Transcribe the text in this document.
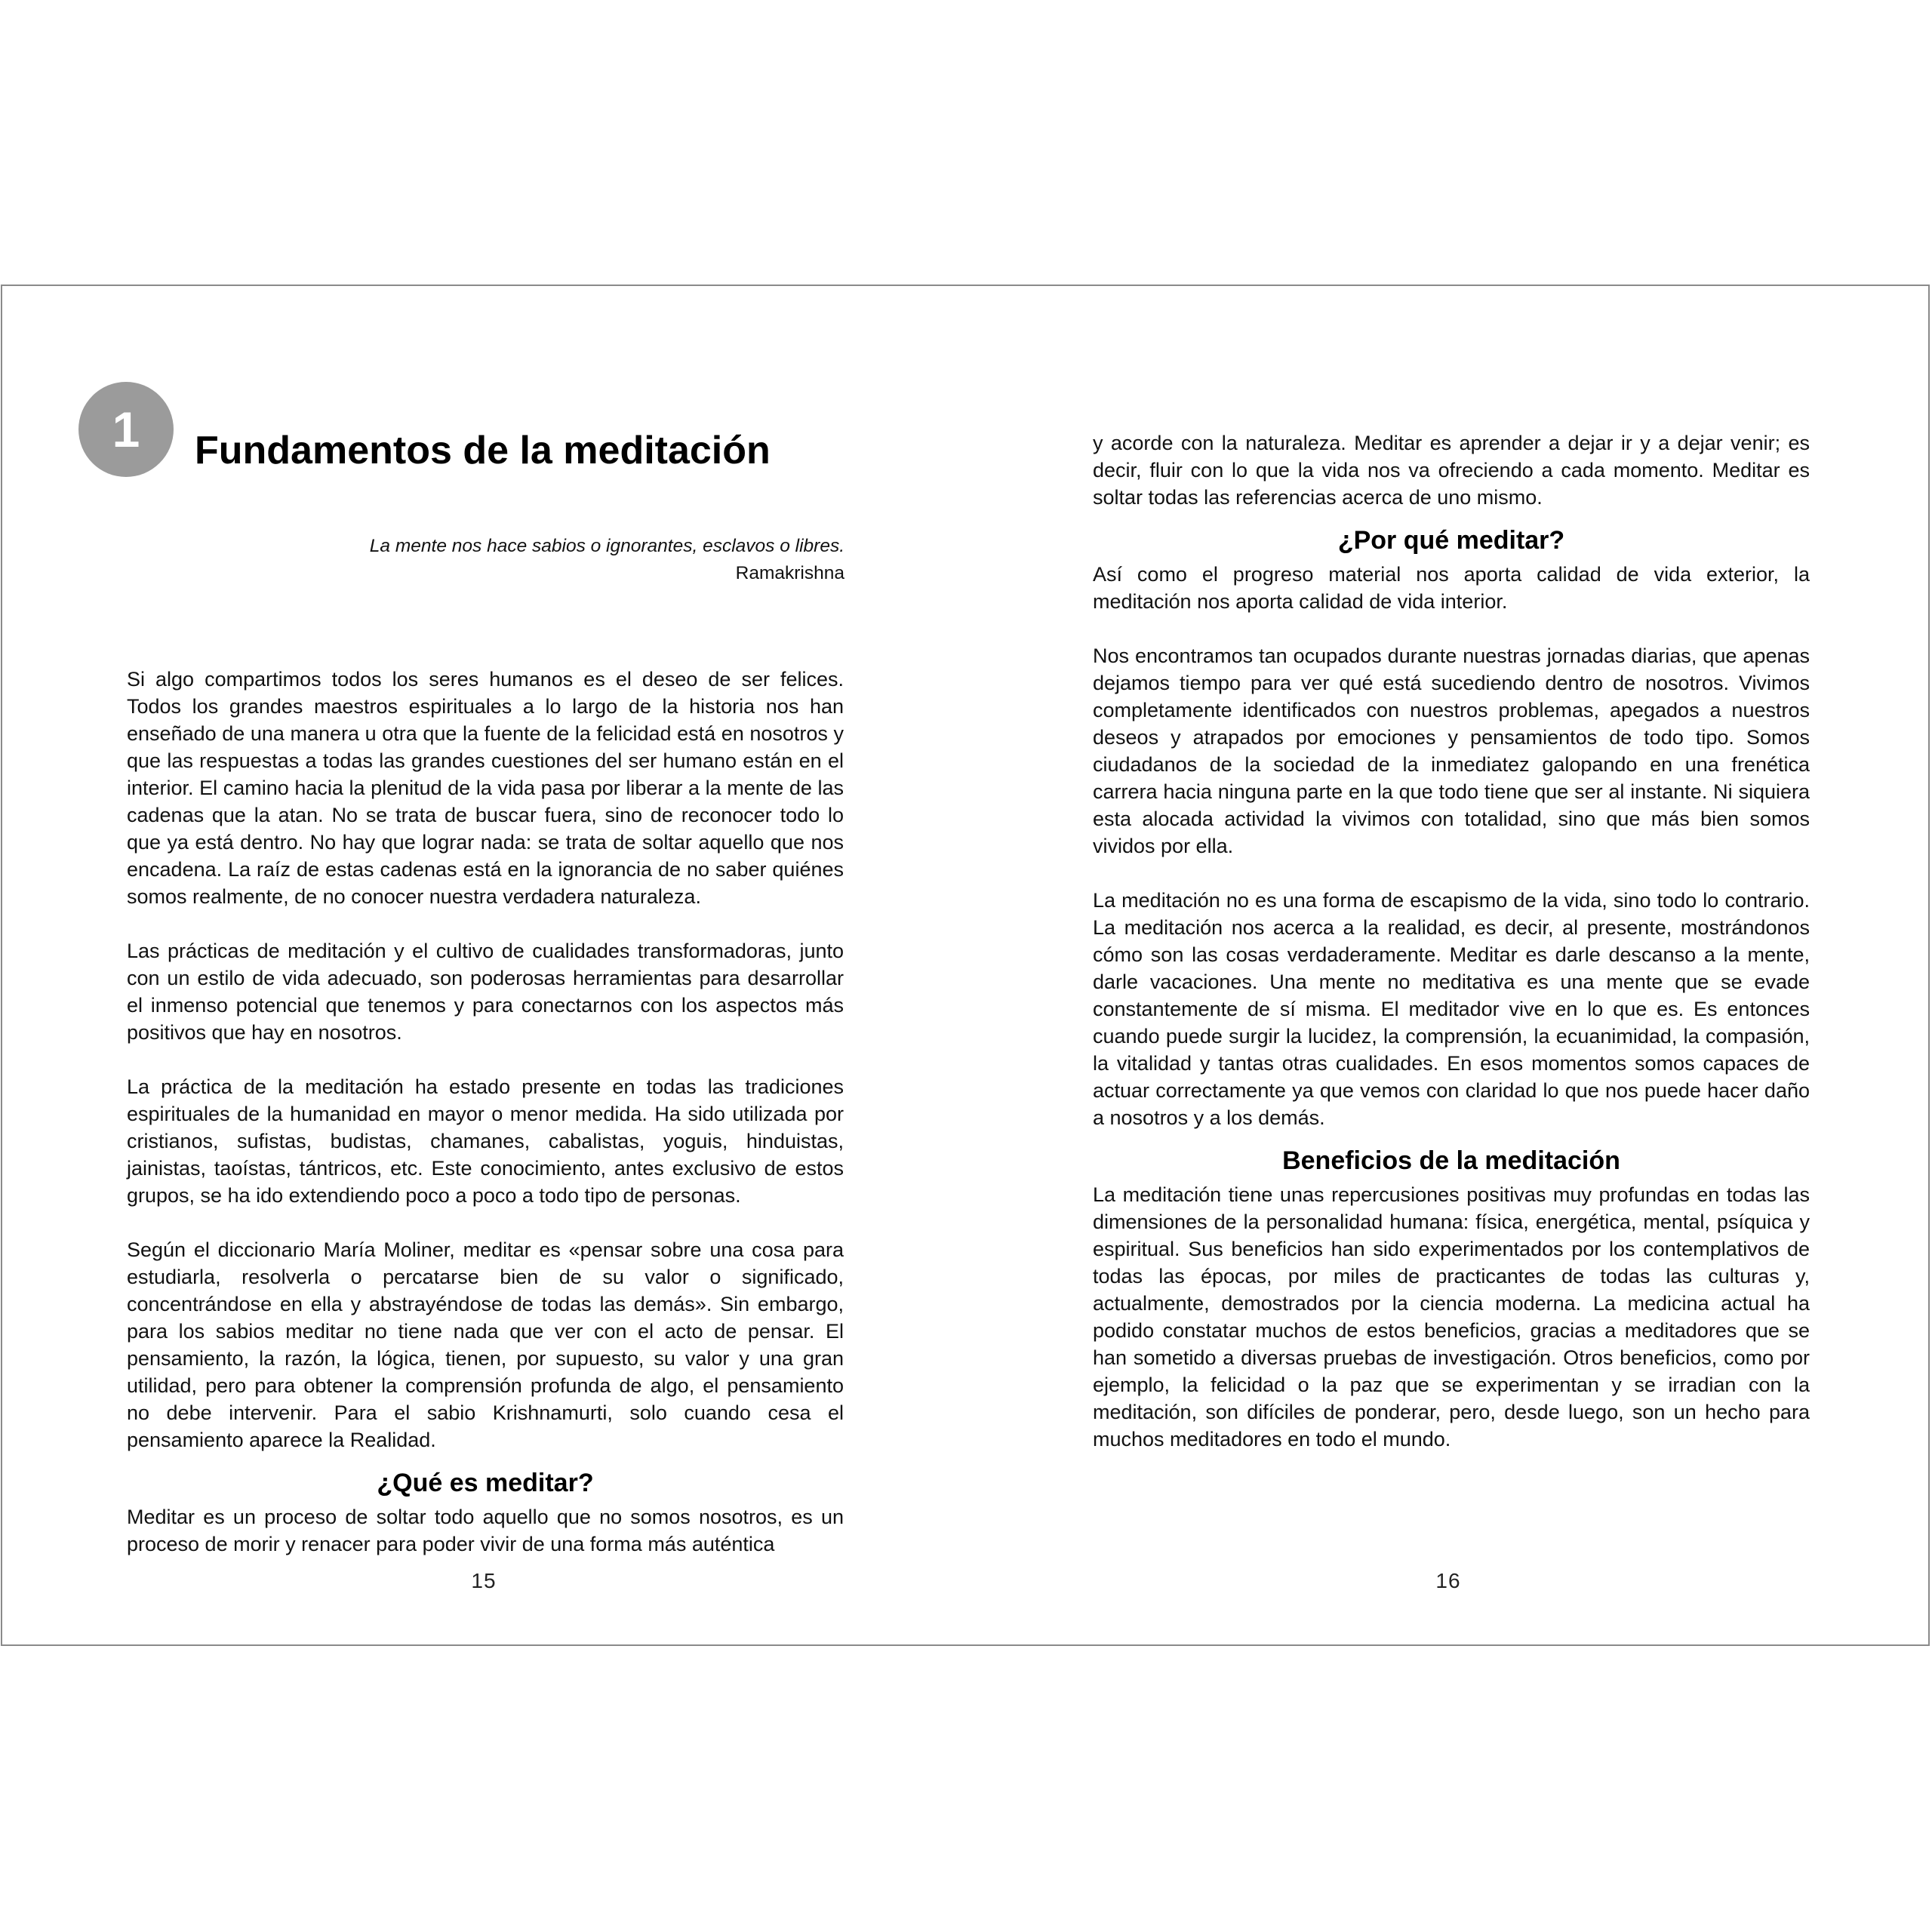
1 Fundamentos de la meditación
La mente nos hace sabios o ignorantes, esclavos o libres.
Ramakrishna

Si algo compartimos todos los seres humanos es el deseo de ser felices. Todos los grandes maestros espirituales a lo largo de la historia nos han enseñado de una manera u otra que la fuente de la felicidad está en nosotros y que las respuestas a todas las grandes cuestiones del ser humano están en el interior. El camino hacia la plenitud de la vida pasa por liberar a la mente de las cadenas que la atan. No se trata de buscar fuera, sino de reconocer todo lo que ya está dentro. No hay que lograr nada: se trata de soltar aquello que nos encadena. La raíz de estas cadenas está en la ignorancia de no saber quiénes somos realmente, de no conocer nuestra verdadera naturaleza.

Las prácticas de meditación y el cultivo de cualidades transformadoras, junto con un estilo de vida adecuado, son poderosas herramientas para desarrollar el inmenso potencial que tenemos y para conectarnos con los aspectos más positivos que hay en nosotros.

La práctica de la meditación ha estado presente en todas las tradiciones espirituales de la humanidad en mayor o menor medida. Ha sido utilizada por cristianos, sufistas, budistas, chamanes, cabalistas, yoguis, hinduistas, jainistas, taoístas, tántricos, etc. Este conocimiento, antes exclusivo de estos grupos, se ha ido extendiendo poco a poco a todo tipo de personas.

Según el diccionario María Moliner, meditar es «pensar sobre una cosa para estudiarla, resolverla o percatarse bien de su valor o significado, concentrándose en ella y abstrayéndose de todas las demás». Sin embargo, para los sabios meditar no tiene nada que ver con el acto de pensar. El pensamiento, la razón, la lógica, tienen, por supuesto, su valor y una gran utilidad, pero para obtener la comprensión profunda de algo, el pensamiento no debe intervenir. Para el sabio Krishnamurti, solo cuando cesa el pensamiento aparece la Realidad.

¿Qué es meditar?

Meditar es un proceso de soltar todo aquello que no somos nosotros, es un proceso de morir y renacer para poder vivir de una forma más auténtica

15

y acorde con la naturaleza. Meditar es aprender a dejar ir y a dejar venir; es decir, fluir con lo que la vida nos va ofreciendo a cada momento. Meditar es soltar todas las referencias acerca de uno mismo.

¿Por qué meditar?

Así como el progreso material nos aporta calidad de vida exterior, la meditación nos aporta calidad de vida interior.

Nos encontramos tan ocupados durante nuestras jornadas diarias, que apenas dejamos tiempo para ver qué está sucediendo dentro de nosotros. Vivimos completamente identificados con nuestros problemas, apegados a nuestros deseos y atrapados por emociones y pensamientos de todo tipo. Somos ciudadanos de la sociedad de la inmediatez galopando en una frenética carrera hacia ninguna parte en la que todo tiene que ser al instante. Ni siquiera esta alocada actividad la vivimos con totalidad, sino que más bien somos vividos por ella.

La meditación no es una forma de escapismo de la vida, sino todo lo contrario. La meditación nos acerca a la realidad, es decir, al presente, mostrándonos cómo son las cosas verdaderamente. Meditar es darle descanso a la mente, darle vacaciones. Una mente no meditativa es una mente que se evade constantemente de sí misma. El meditador vive en lo que es. Es entonces cuando puede surgir la lucidez, la comprensión, la ecuanimidad, la compasión, la vitalidad y tantas otras cualidades. En esos momentos somos capaces de actuar correctamente ya que vemos con claridad lo que nos puede hacer daño a nosotros y a los demás.

Beneficios de la meditación

La meditación tiene unas repercusiones positivas muy profundas en todas las dimensiones de la personalidad humana: física, energética, mental, psíquica y espiritual. Sus beneficios han sido experimentados por los contemplativos de todas las épocas, por miles de practicantes de todas las culturas y, actualmente, demostrados por la ciencia moderna. La medicina actual ha podido constatar muchos de estos beneficios, gracias a meditadores que se han sometido a diversas pruebas de investigación. Otros beneficios, como por ejemplo, la felicidad o la paz que se experimentan y se irradian con la meditación, son difíciles de ponderar, pero, desde luego, son un hecho para muchos meditadores en todo el mundo.

16
